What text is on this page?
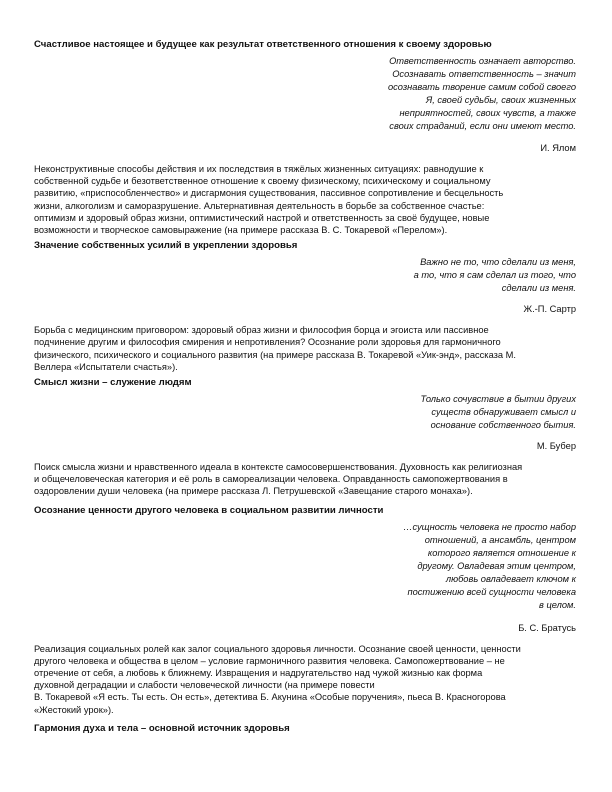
Счастливое настоящее и будущее как результат ответственного отношения к своему здоровью
Ответственность означает авторство.
Осознавать ответственность – значит
осознавать творение самим собой своего
Я, своей судьбы, своих жизненных
неприятностей, своих чувств, а также
своих страданий, если они имеют место.
И. Ялом
Неконструктивные способы действия и их последствия в тяжёлых жизненных ситуациях: равнодушие к
собственной судьбе и безответственное отношение к своему физическому, психическому и социальному
развитию, «приспособленчество» и дисгармония существования, пассивное сопротивление и бесцельность
жизни, алкоголизм и саморазрушение. Альтернативная деятельность в борьбе за собственное счастье:
оптимизм и здоровый образ жизни, оптимистический настрой и ответственность за своё будущее, новые
возможности и творческое самовыражение (на примере рассказа В. С. Токаревой «Перелом»).
Значение собственных усилий в укреплении здоровья
Важно не то, что сделали из меня,
а то, что я сам сделал из того, что
сделали из меня.
Ж.-П. Сартр
Борьба с медицинским приговором: здоровый образ жизни и философия борца и эгоиста или пассивное
подчинение другим и философия смирения и непротивления? Осознание роли здоровья для гармоничного
физического, психического и социального развития (на примере рассказа В. Токаревой «Уик-энд», рассказа М.
Веллера «Испытатели счастья»).
Смысл жизни – служение людям
Только сочувствие в бытии других
существ обнаруживает смысл и
основание собственного бытия.
М. Бубер
Поиск смысла жизни и нравственного идеала в контексте самосовершенствования. Духовность как религиозная
и общечеловеческая категория и её роль в самореализации человека. Оправданность самопожертвования в
оздоровлении души человека (на примере рассказа Л. Петрушевской «Завещание старого монаха»).
Осознание ценности другого человека в социальном развитии личности
…сущность человека не просто набор
отношений, а ансамбль, центром
которого является отношение к
другому. Овладевая этим центром,
любовь овладевает ключом к
постижению всей сущности человека
в целом.
Б. С. Братусь
Реализация социальных ролей как залог социального здоровья личности. Осознание своей ценности, ценности
другого человека и общества в целом – условие гармоничного развития человека. Самопожертвование – не
отречение от себя, а любовь к ближнему. Извращения и надругательство над чужой жизнью как форма
духовной деградации и слабости человеческой личности (на примере повести
В. Токаревой «Я есть. Ты есть. Он есть», детектива Б. Акунина «Особые поручения», пьеса В. Красногорова
«Жестокий урок»).
Гармония духа и тела – основной источник здоровья
